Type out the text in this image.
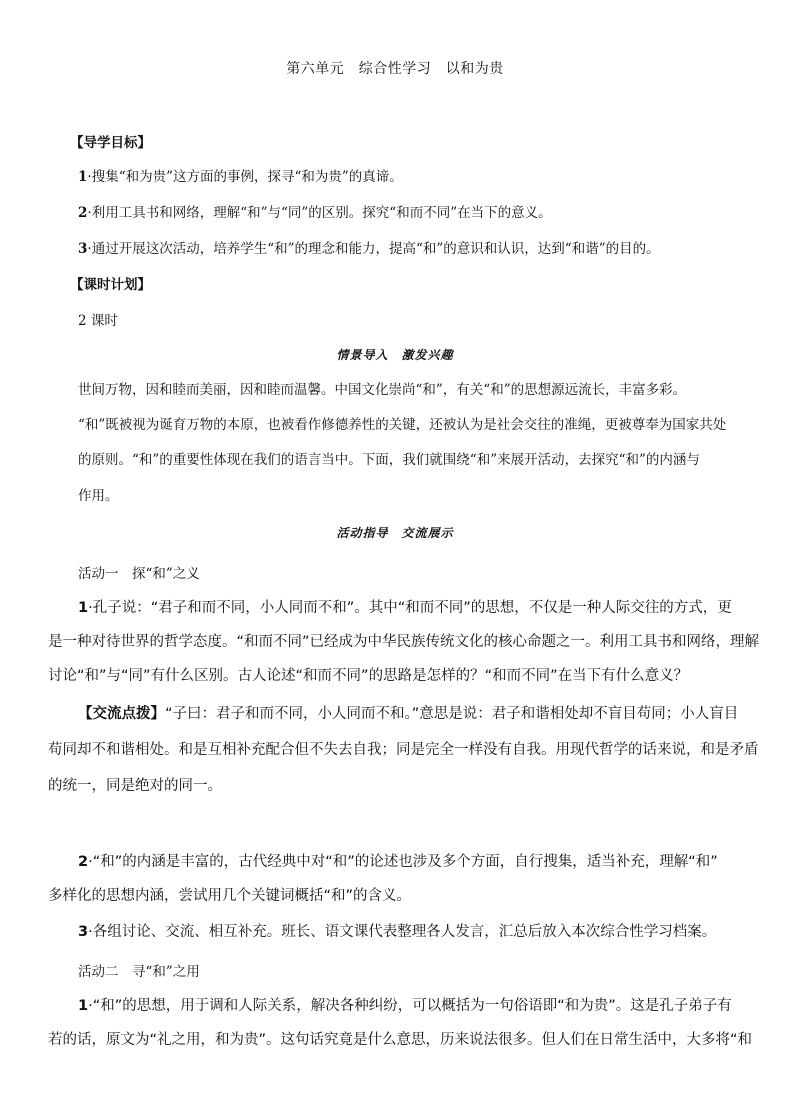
第六单元　综合性学习　以和为贵
【导学目标】
1·搜集“和为贵”这方面的事例，探寻“和为贵”的真谛。
2·利用工具书和网络，理解“和”与“同”的区别。探究“和而不同”在当下的意义。
3·通过开展这次活动，培养学生“和”的理念和能力，提高“和”的意识和认识，达到“和谐”的目的。
【课时计划】
2 课时
情景导入　激发兴趣
世间万物，因和睦而美丽，因和睦而温馨。中国文化崇尚“和”，有关“和”的思想源远流长，丰富多彩。
“和”既被视为诞育万物的本原，也被看作修德养性的关键，还被认为是社会交往的准绳，更被尊奉为国家共处
的原则。“和”的重要性体现在我们的语言当中。下面，我们就围绕“和”来展开活动，去探究“和”的内涵与
作用。
活动指导　交流展示
活动一　探“和”之义
1·孔子说：“君子和而不同，小人同而不和”。其中“和而不同”的思想，不仅是一种人际交往的方式，更
是一种对待世界的哲学态度。“和而不同”已经成为中华民族传统文化的核心命题之一。利用工具书和网络，理解
讨论“和”与“同”有什么区别。古人论述“和而不同”的思路是怎样的？“和而不同”在当下有什么意义？
【交流点拨】“子曰：君子和而不同，小人同而不和。”意思是说：君子和谐相处却不盲目苟同；小人盲目
苟同却不和谐相处。和是互相补充配合但不失去自我；同是完全一样没有自我。用现代哲学的话来说，和是矛盾
的统一，同是绝对的同一。
2·“和”的内涵是丰富的，古代经典中对“和”的论述也涉及多个方面，自行搜集，适当补充，理解“和”
多样化的思想内涵，尝试用几个关键词概括“和”的含义。
3·各组讨论、交流、相互补充。班长、语文课代表整理各人发言，汇总后放入本次综合性学习档案。
活动二　寻“和”之用
1·“和”的思想，用于调和人际关系，解决各种纠纷，可以概括为一句俗语即“和为贵”。这是孔子弟子有
若的话，原文为“礼之用，和为贵”。这句话究竟是什么意思，历来说法很多。但人们在日常生活中，大多将“和
